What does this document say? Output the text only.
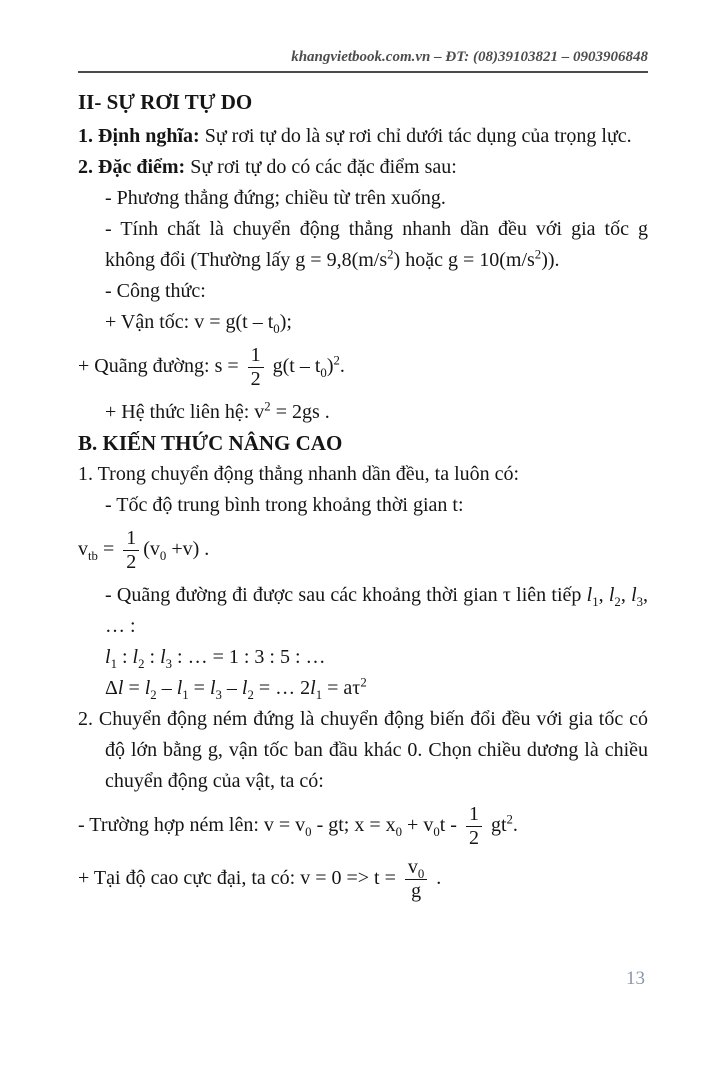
khangvietbook.com.vn – ĐT: (08)39103821 – 0903906848
II- SỰ RƠI TỰ DO

1. Định nghĩa: Sự rơi tự do là sự rơi chỉ dưới tác dụng của trọng lực.

2. Đặc điểm: Sự rơi tự do có các đặc điểm sau:

- Phương thẳng đứng; chiều từ trên xuống.

- Tính chất là chuyển động thẳng nhanh dần đều với gia tốc g không đổi (Thường lấy $g = 9,8(m/s^2)$ hoặc $g = 10(m/s^2)$).

- Công thức:

+ Vận tốc: $v = g(t - t_0)$;

+ Quãng đường: $s = \frac{1}{2} g(t - t_0)^2$.

+ Hệ thức liên hệ: $v^2 = 2gs$ .

B. KIẾN THỨC NÂNG CAO

1. Trong chuyển động thẳng nhanh dần đều, ta luôn có:

- Tốc độ trung bình trong khoảng thời gian t:

$v_{tb} = \frac{1}{2} (v_0 +v)$ .

- Quãng đường đi được sau các khoảng thời gian τ liên tiếp $l_1$, $l_2$, $l_3$, … :

$l_1$ : $l_2$ : $l_3$ : … = 1 : 3 : 5 : …

$\Delta l = l_2 - l_1 = l_3 - l_2$ = … $2l_1 = a\tau^2$

2. Chuyển động ném đứng là chuyển động biến đổi đều với gia tốc có độ lớn bằng g, vận tốc ban đầu khác 0. Chọn chiều dương là chiều chuyển động của vật, ta có:

- Trường hợp ném lên: $v = v_0$ - gt; $x = x_0 + v_0t - \frac{1}{2} gt^2$.

+ Tại độ cao cực đại, ta có: $v = 0 => t = \frac{v_0}{g}$ .

13
